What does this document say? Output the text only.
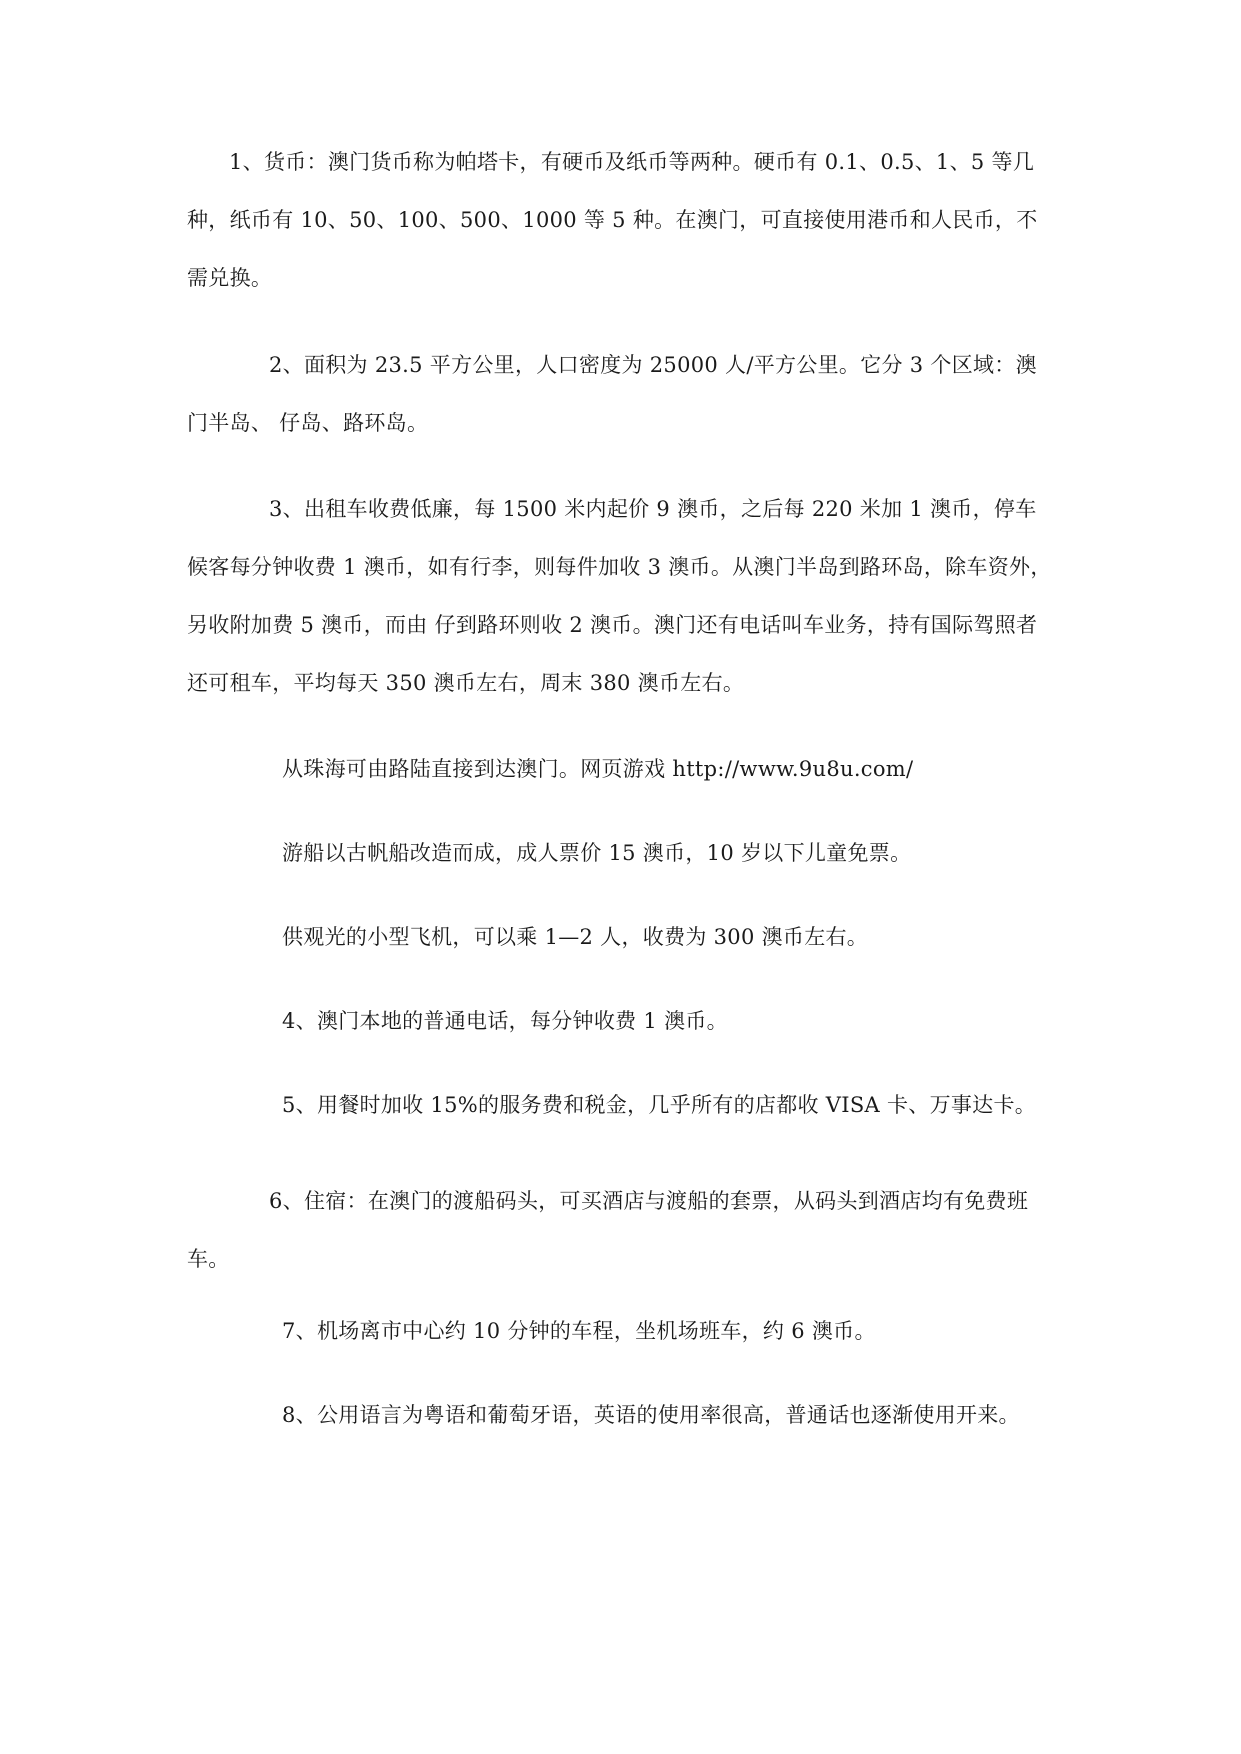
1、货币：澳门货币称为帕塔卡，有硬币及纸币等两种。硬币有 0.1、0.5、1、5 等几种，纸币有 10、50、100、500、1000 等 5 种。在澳门，可直接使用港币和人民币，不需兑换。

2、面积为 23.5 平方公里，人口密度为 25000 人/平方公里。它分 3 个区域：澳门半岛、 仔岛、路环岛。

3、出租车收费低廉，每 1500 米内起价 9 澳币，之后每 220 米加 1 澳币，停车候客每分钟收费 1 澳币，如有行李，则每件加收 3 澳币。从澳门半岛到路环岛，除车资外，另收附加费 5 澳币，而由 仔到路环则收 2 澳币。澳门还有电话叫车业务，持有国际驾照者还可租车，平均每天 350 澳币左右，周末 380 澳币左右。

从珠海可由路陆直接到达澳门。网页游戏 http://www.9u8u.com/

游船以古帆船改造而成，成人票价 15 澳币，10 岁以下儿童免票。

供观光的小型飞机，可以乘 1—2 人，收费为 300 澳币左右。

4、澳门本地的普通电话，每分钟收费 1 澳币。

5、用餐时加收 15%的服务费和税金，几乎所有的店都收 VISA 卡、万事达卡。

6、住宿：在澳门的渡船码头，可买酒店与渡船的套票，从码头到酒店均有免费班车。

7、机场离市中心约 10 分钟的车程，坐机场班车，约 6 澳币。

8、公用语言为粤语和葡萄牙语，英语的使用率很高，普通话也逐渐使用开来。
